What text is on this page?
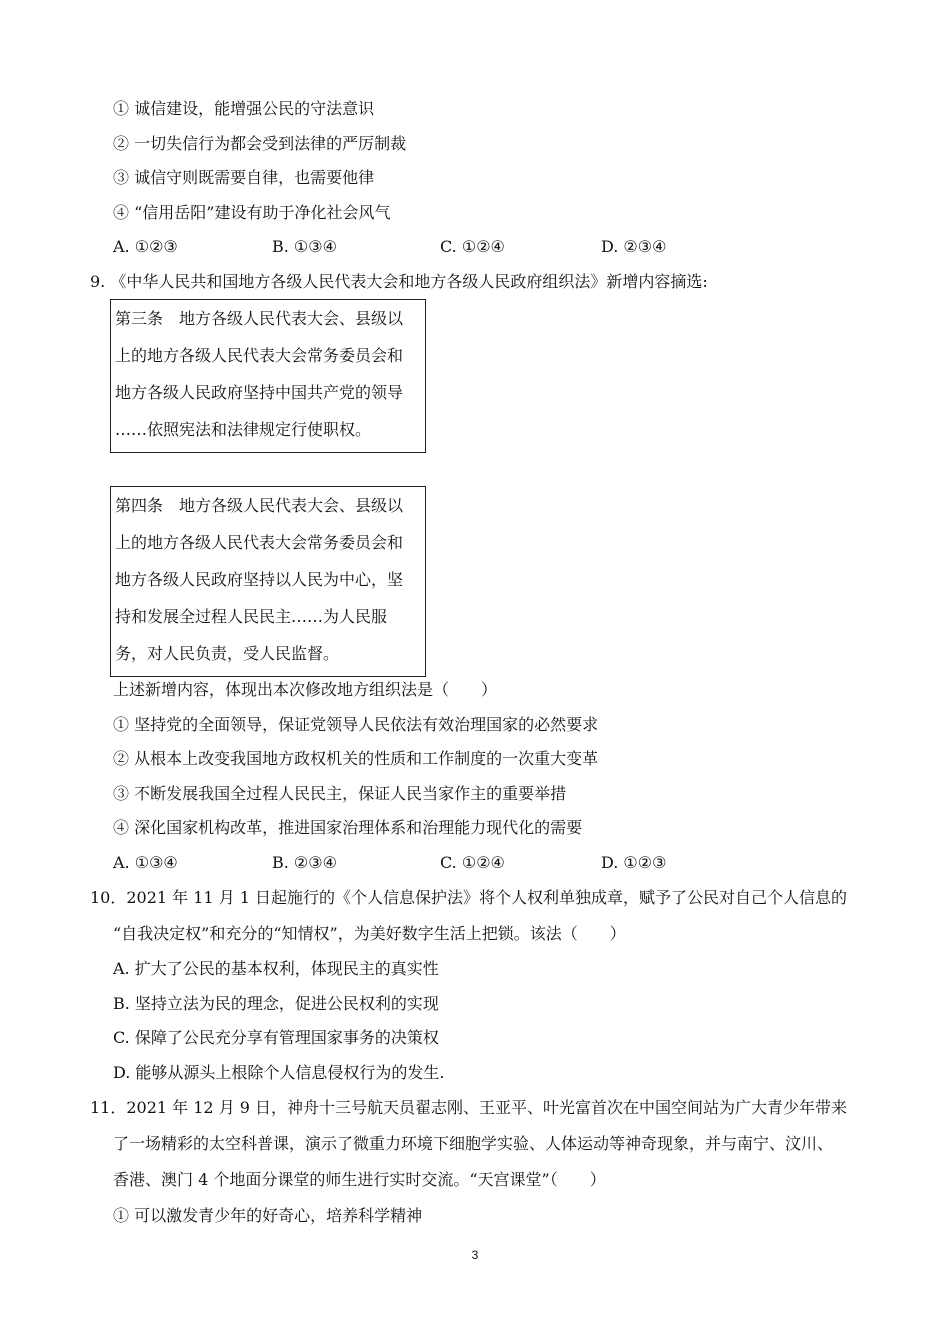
① 诚信建设，能增强公民的守法意识
② 一切失信行为都会受到法律的严厉制裁
③ 诚信守则既需要自律，也需要他律
④ “信用岳阳”建设有助于净化社会风气
A. ①②③	B. ①③④	C. ①②④	D. ②③④
9. 《中华人民共和国地方各级人民代表大会和地方各级人民政府组织法》新增内容摘选:
第三条　地方各级人民代表大会、县级以
上的地方各级人民代表大会常务委员会和
地方各级人民政府坚持中国共产党的领导
……依照宪法和法律规定行使职权。
第四条　地方各级人民代表大会、县级以
上的地方各级人民代表大会常务委员会和
地方各级人民政府坚持以人民为中心，坚
持和发展全过程人民民主……为人民服
务，对人民负责，受人民监督。
上述新增内容，体现出本次修改地方组织法是（　　）
① 坚持党的全面领导，保证党领导人民依法有效治理国家的必然要求
② 从根本上改变我国地方政权机关的性质和工作制度的一次重大变革
③ 不断发展我国全过程人民民主，保证人民当家作主的重要举措
④ 深化国家机构改革，推进国家治理体系和治理能力现代化的需要
A. ①③④	B. ②③④	C. ①②④	D. ①②③
10．2021 年 11 月 1 日起施行的《个人信息保护法》将个人权利单独成章，赋予了公民对自己个人信息的
“自我决定权”和充分的“知情权”，为美好数字生活上把锁。该法（　　）
A. 扩大了公民的基本权利，体现民主的真实性
B. 坚持立法为民的理念，促进公民权利的实现
C. 保障了公民充分享有管理国家事务的决策权
D. 能够从源头上根除个人信息侵权行为的发生.
11．2021 年 12 月 9 日，神舟十三号航天员翟志刚、王亚平、叶光富首次在中国空间站为广大青少年带来
了一场精彩的太空科普课，演示了微重力环境下细胞学实验、人体运动等神奇现象，并与南宁、汶川、
香港、澳门 4 个地面分课堂的师生进行实时交流。“天宫课堂”（　　）
① 可以激发青少年的好奇心，培养科学精神
3
